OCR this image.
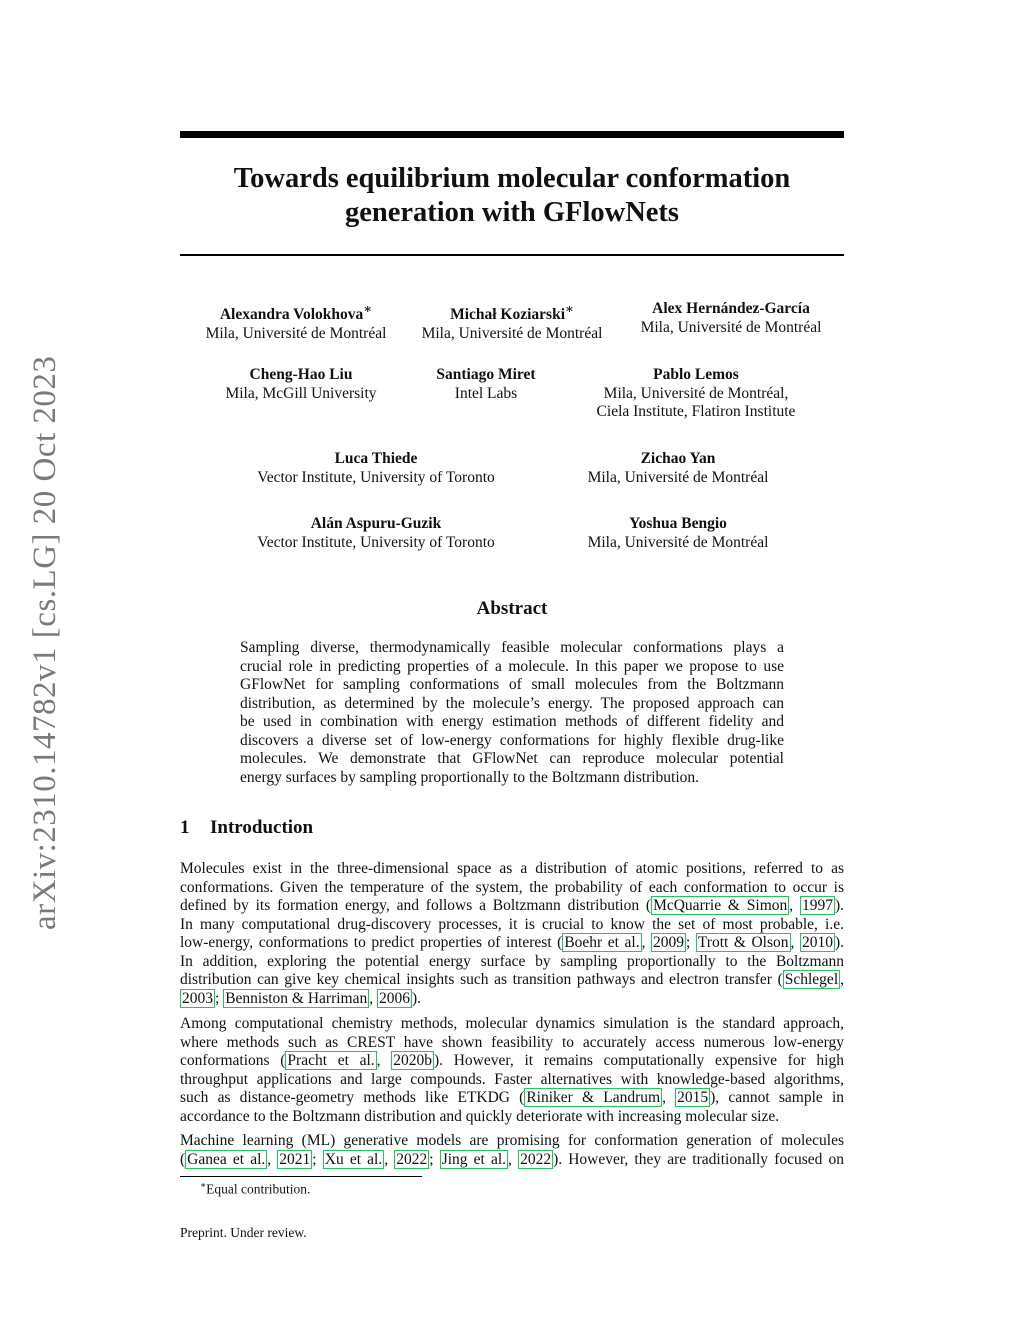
arXiv:2310.14782v1 [cs.LG] 20 Oct 2023
Towards equilibrium molecular conformation
generation with GFlowNets
Alexandra Volokhova∗
Mila, Université de Montréal
Michał Koziarski∗
Mila, Université de Montréal
Alex Hernández-García
Mila, Université de Montréal
Cheng-Hao Liu
Mila, McGill University
Santiago Miret
Intel Labs
Pablo Lemos
Mila, Université de Montréal,
Ciela Institute, Flatiron Institute
Luca Thiede
Vector Institute, University of Toronto
Zichao Yan
Mila, Université de Montréal
Alán Aspuru-Guzik
Vector Institute, University of Toronto
Yoshua Bengio
Mila, Université de Montréal
Abstract
Sampling diverse, thermodynamically feasible molecular conformations plays a
crucial role in predicting properties of a molecule. In this paper we propose to use
GFlowNet for sampling conformations of small molecules from the Boltzmann
distribution, as determined by the molecule’s energy. The proposed approach can
be used in combination with energy estimation methods of different fidelity and
discovers a diverse set of low-energy conformations for highly flexible drug-like
molecules. We demonstrate that GFlowNet can reproduce molecular potential
energy surfaces by sampling proportionally to the Boltzmann distribution.
1 Introduction
Molecules exist in the three-dimensional space as a distribution of atomic positions, referred to as
conformations. Given the temperature of the system, the probability of each conformation to occur is
defined by its formation energy, and follows a Boltzmann distribution ( McQuarrie & Simon , 1997 ).
In many computational drug-discovery processes, it is crucial to know the set of most probable, i.e.
low-energy, conformations to predict properties of interest ( Boehr et al. , 2009 ; Trott & Olson , 2010 ).
In addition, exploring the potential energy surface by sampling proportionally to the Boltzmann
distribution can give key chemical insights such as transition pathways and electron transfer ( Schlegel ,
2003 ; Benniston & Harriman , 2006 ).
Among computational chemistry methods, molecular dynamics simulation is the standard approach,
where methods such as CREST have shown feasibility to accurately access numerous low-energy
conformations ( Pracht et al. , 2020b ). However, it remains computationally expensive for high
throughput applications and large compounds. Faster alternatives with knowledge-based algorithms,
such as distance-geometry methods like ETKDG ( Riniker & Landrum , 2015 ), cannot sample in
accordance to the Boltzmann distribution and quickly deteriorate with increasing molecular size.
Machine learning (ML) generative models are promising for conformation generation of molecules
( Ganea et al. , 2021 ; Xu et al. , 2022 ; Jing et al. , 2022 ). However, they are traditionally focused on
∗Equal contribution.
Preprint. Under review.
